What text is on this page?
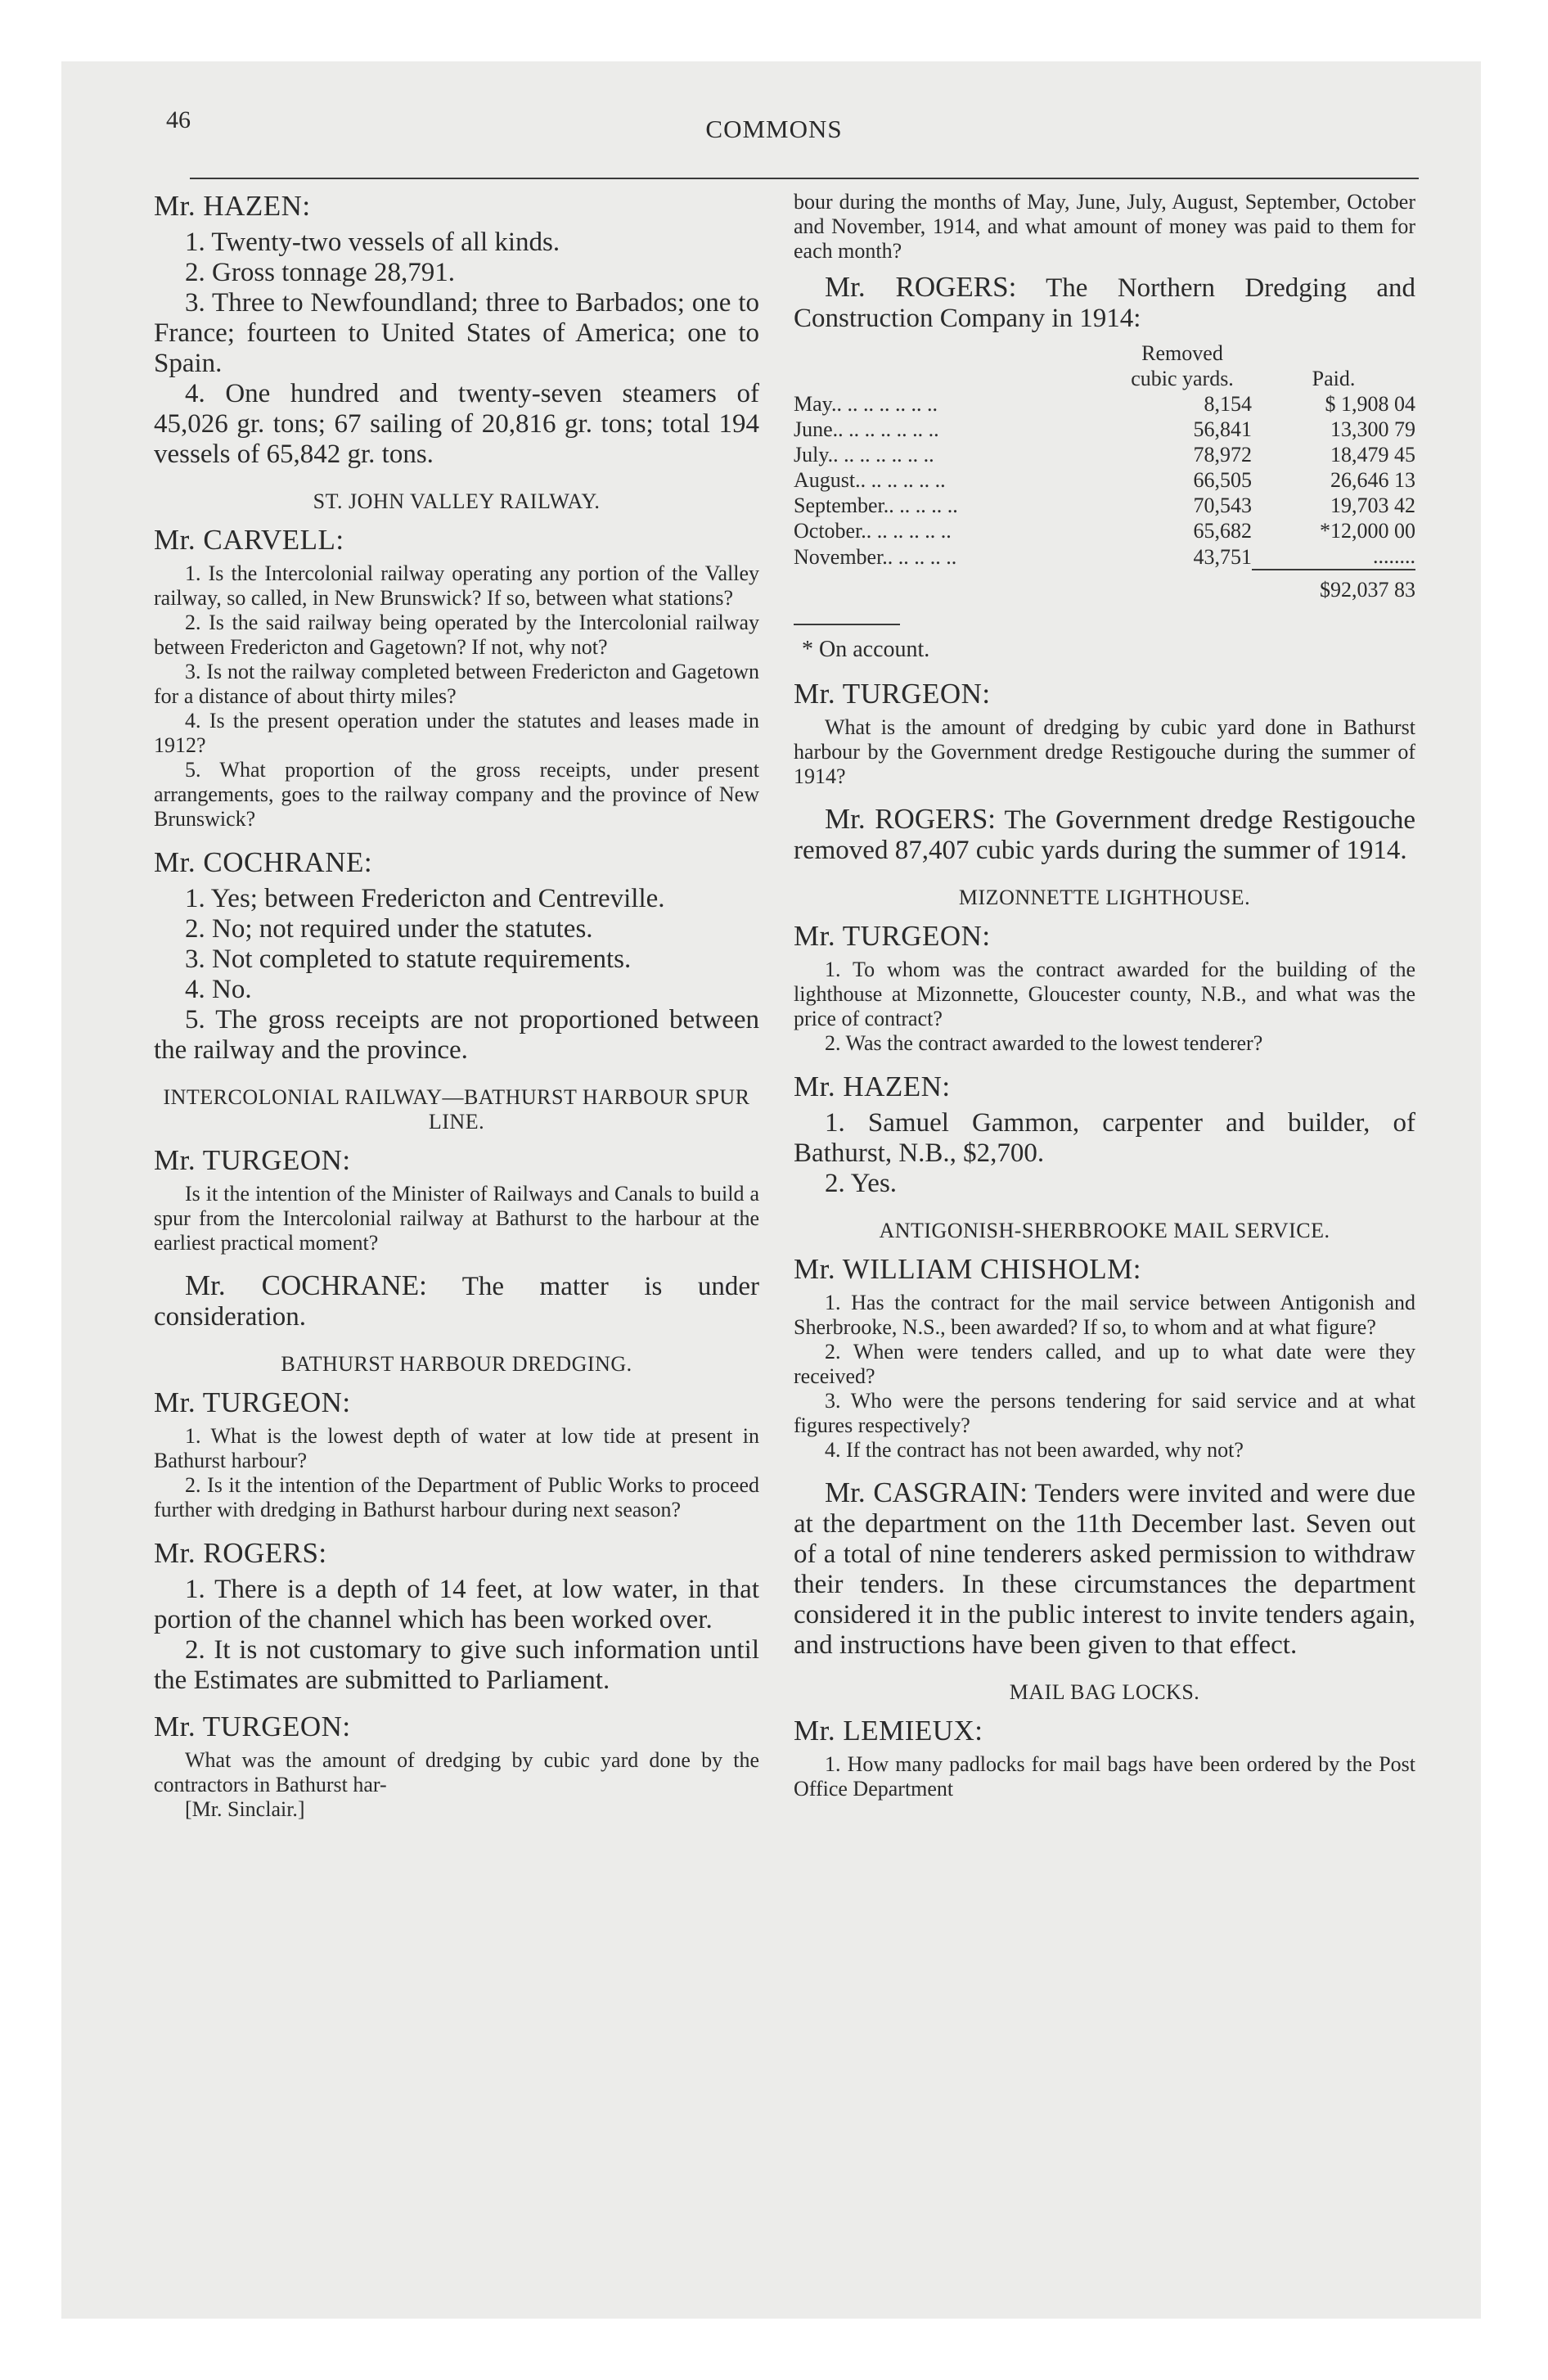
46	COMMONS

Mr. HAZEN:

1. Twenty-two vessels of all kinds.

2. Gross tonnage 28,791.

3. Three to Newfoundland; three to Barbados; one to France; fourteen to United States of America; one to Spain.

4. One hundred and twenty-seven steamers of 45,026 gr. tons; 67 sailing of 20,816 gr. tons; total 194 vessels of 65,842 gr. tons.

ST. JOHN VALLEY RAILWAY.

Mr. CARVELL:

1. Is the Intercolonial railway operating any portion of the Valley railway, so called, in New Brunswick? If so, between what stations?

2. Is the said railway being operated by the Intercolonial railway between Fredericton and Gagetown? If not, why not?

3. Is not the railway completed between Fredericton and Gagetown for a distance of about thirty miles?

4. Is the present operation under the statutes and leases made in 1912?

5. What proportion of the gross receipts, under present arrangements, goes to the railway company and the province of New Brunswick?

Mr. COCHRANE:

1. Yes; between Fredericton and Centreville.

2. No; not required under the statutes.

3. Not completed to statute requirements.

4. No.

5. The gross receipts are not proportioned between the railway and the province.

INTERCOLONIAL RAILWAY—BATHURST HARBOUR SPUR LINE.

Mr. TURGEON:

Is it the intention of the Minister of Railways and Canals to build a spur from the Intercolonial railway at Bathurst to the harbour at the earliest practical moment?

Mr. COCHRANE: The matter is under consideration.

BATHURST HARBOUR DREDGING.

Mr. TURGEON:

1. What is the lowest depth of water at low tide at present in Bathurst harbour?

2. Is it the intention of the Department of Public Works to proceed further with dredging in Bathurst harbour during next season?

Mr. ROGERS:

1. There is a depth of 14 feet, at low water, in that portion of the channel which has been worked over.

2. It is not customary to give such information until the Estimates are submitted to Parliament.

Mr. TURGEON:

What was the amount of dredging by cubic yard done by the contractors in Bathurst har-

[Mr. Sinclair.]

bour during the months of May, June, July, August, September, October and November, 1914, and what amount of money was paid to them for each month?

Mr. ROGERS: The Northern Dredging and Construction Company in 1914:

	Removed
cubic yards.	Paid.
May.. .. .. .. .. .. ..	8,154	$ 1,908 04
June.. .. .. .. .. .. ..	56,841	13,300 79
July.. .. .. .. .. .. ..	78,972	18,479 45
August.. .. .. .. .. ..	66,505	26,646 13
September.. .. .. .. ..	70,543	19,703 42
October.. .. .. .. .. ..	65,682	*12,000 00
November.. .. .. .. ..	43,751	........
		$92,037 83

* On account.

Mr. TURGEON:

What is the amount of dredging by cubic yard done in Bathurst harbour by the Government dredge Restigouche during the summer of 1914?

Mr. ROGERS: The Government dredge Restigouche removed 87,407 cubic yards during the summer of 1914.

MIZONNETTE LIGHTHOUSE.

Mr. TURGEON:

1. To whom was the contract awarded for the building of the lighthouse at Mizonnette, Gloucester county, N.B., and what was the price of contract?

2. Was the contract awarded to the lowest tenderer?

Mr. HAZEN:

1. Samuel Gammon, carpenter and builder, of Bathurst, N.B., $2,700.

2. Yes.

ANTIGONISH-SHERBROOKE MAIL SERVICE.

Mr. WILLIAM CHISHOLM:

1. Has the contract for the mail service between Antigonish and Sherbrooke, N.S., been awarded? If so, to whom and at what figure?

2. When were tenders called, and up to what date were they received?

3. Who were the persons tendering for said service and at what figures respectively?

4. If the contract has not been awarded, why not?

Mr. CASGRAIN: Tenders were invited and were due at the department on the 11th December last. Seven out of a total of nine tenderers asked permission to withdraw their tenders. In these circumstances the department considered it in the public interest to invite tenders again, and instructions have been given to that effect.

MAIL BAG LOCKS.

Mr. LEMIEUX:

1. How many padlocks for mail bags have been ordered by the Post Office Department
